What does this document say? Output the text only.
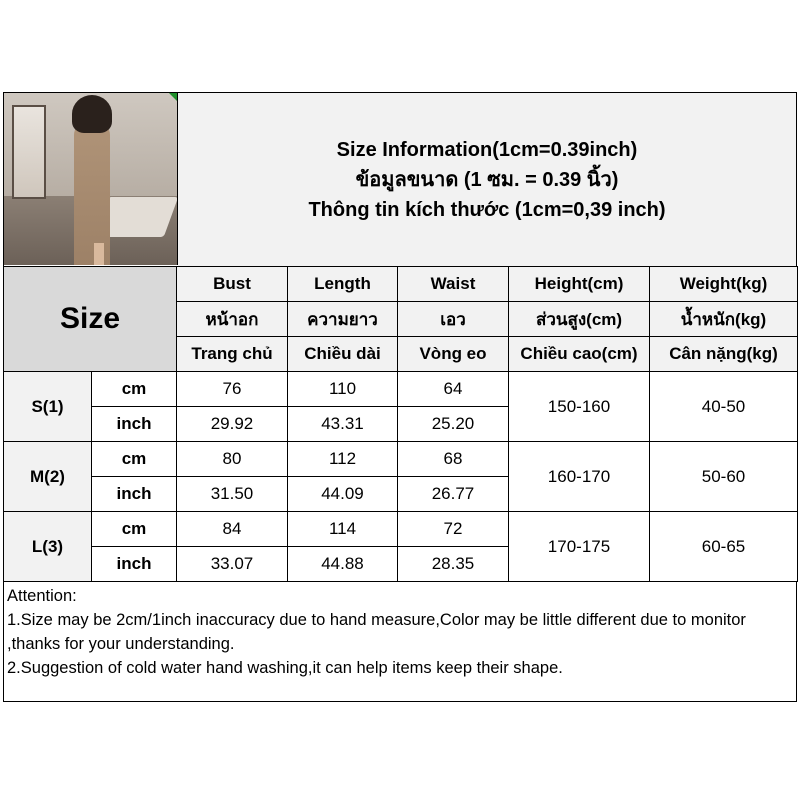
Size Information(1cm=0.39inch)
ข้อมูลขนาด (1 ซม. = 0.39 นิ้ว)
Thông tin kích thước (1cm=0,39 inch)
Size		Bust	Length	Waist	Height(cm)	Weight(kg)
		หน้าอก	ความยาว	เอว	ส่วนสูง(cm)	น้ำหนัก(kg)
		Trang chủ	Chiều dài	Vòng eo	Chiều cao(cm)	Cân nặng(kg)
S(1)	cm	76	110	64	150-160	40-50
	inch	29.92	43.31	25.20		
M(2)	cm	80	112	68	160-170	50-60
	inch	31.50	44.09	26.77		
L(3)	cm	84	114	72	170-175	60-65
	inch	33.07	44.88	28.35		
Attention:
1.Size may be 2cm/1inch inaccuracy due to hand measure,Color may be little different due to monitor ,thanks for your understanding.
2.Suggestion of cold water hand washing,it can help items keep their shape.
